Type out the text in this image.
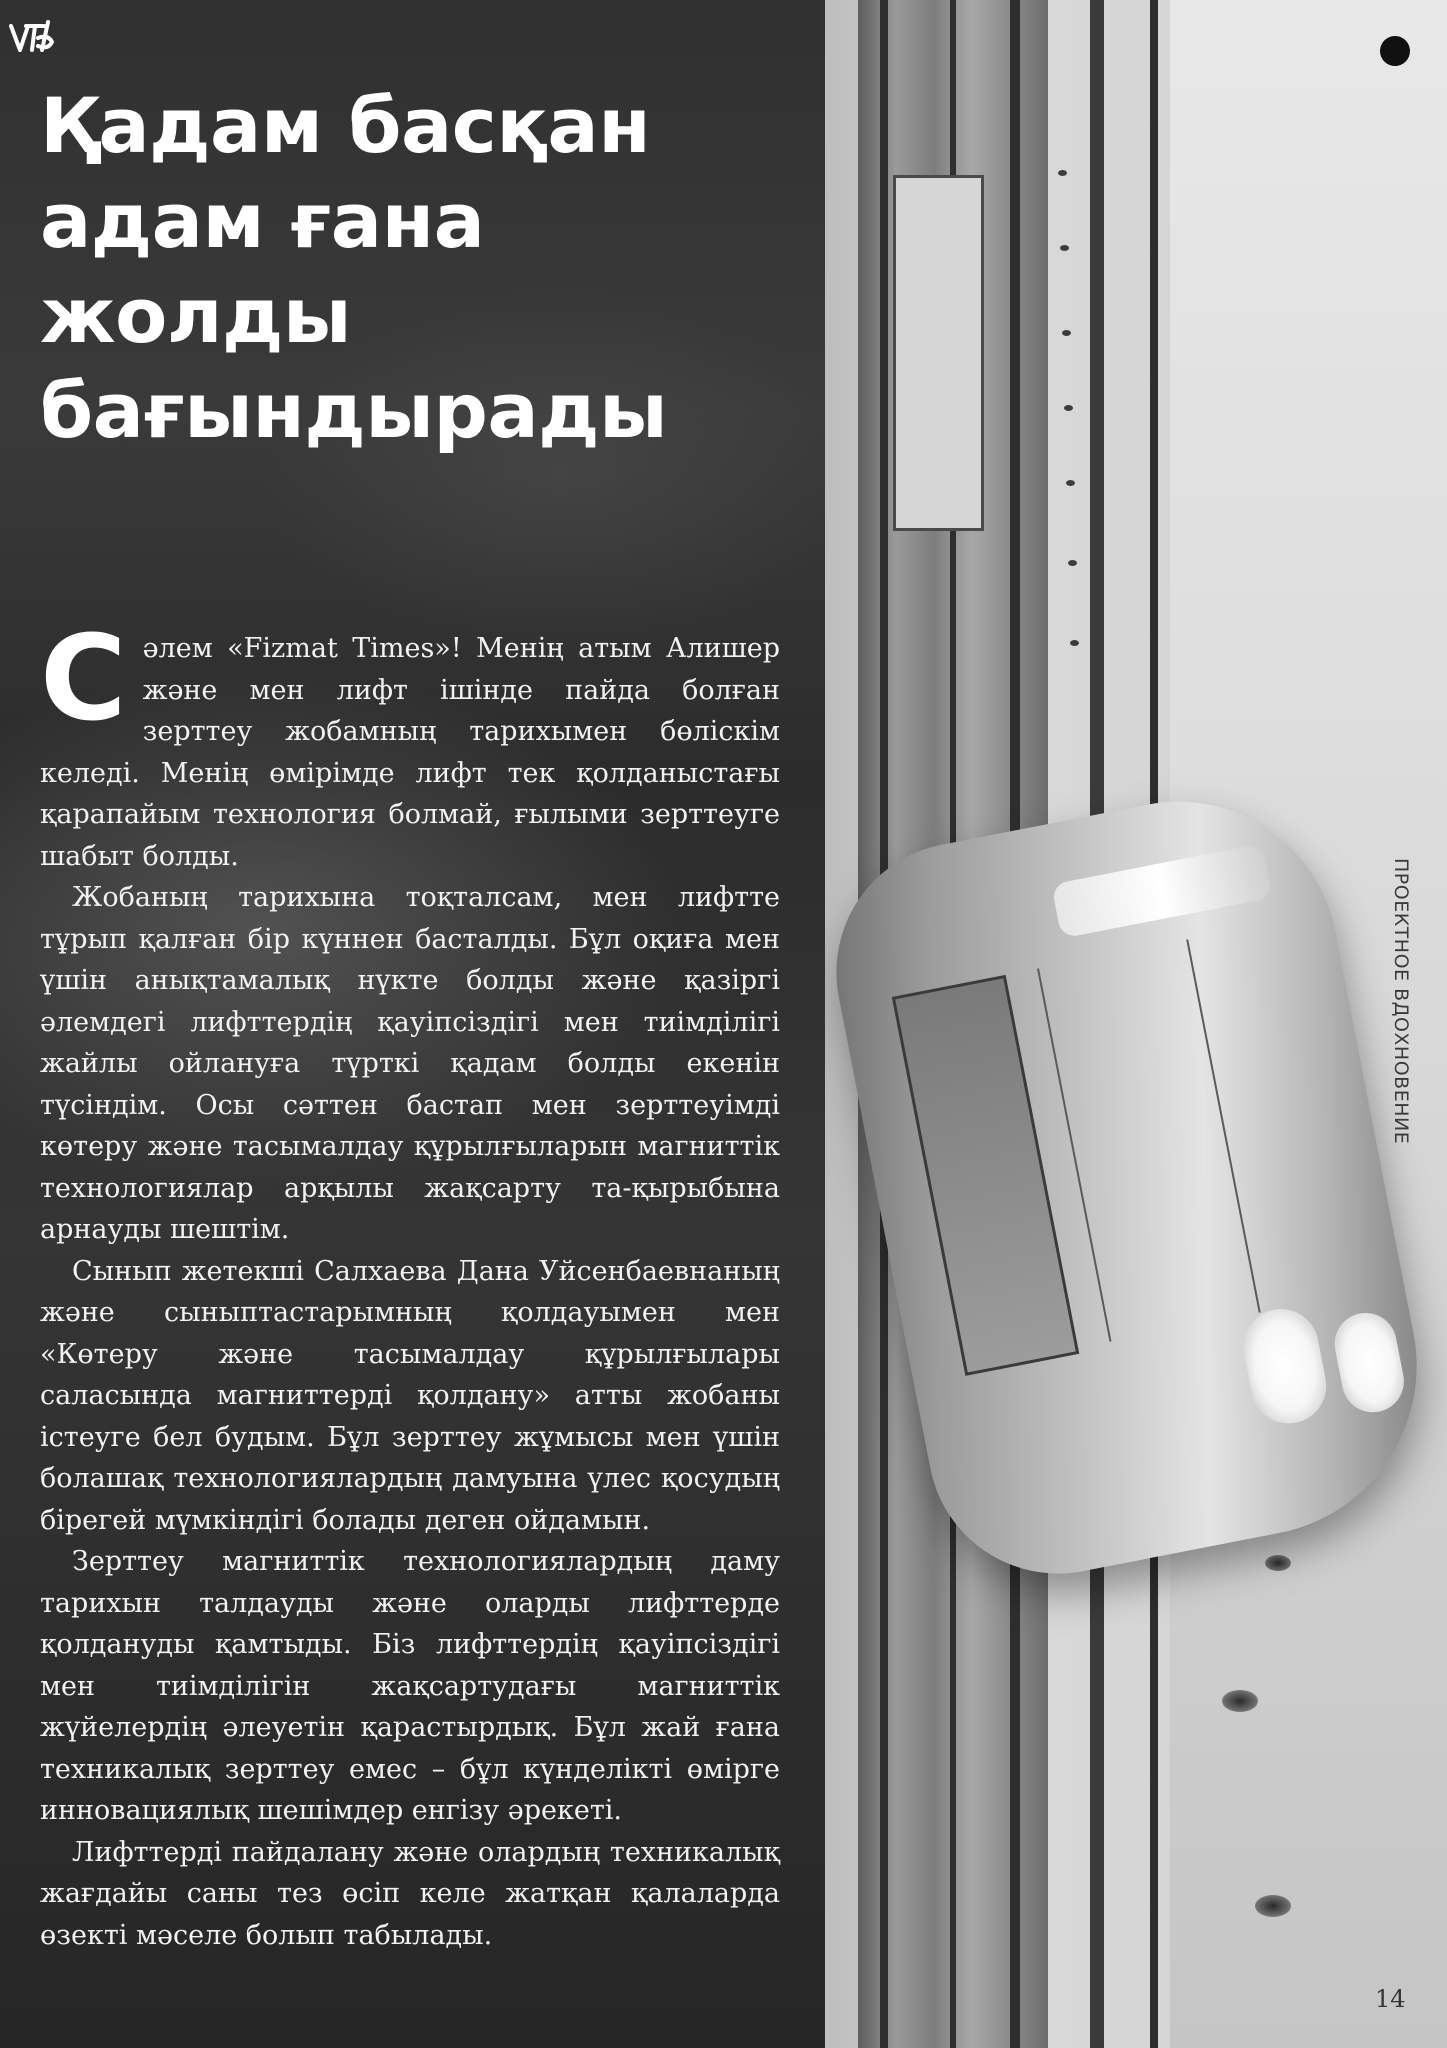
Қадам басқан
адам ғана
жолды
бағындырады

Сәлем «Fizmat Times»! Менің атым Алишер және мен лифт ішінде пайда болған зерттеу жобамның тарихымен бөліскім келеді. Менің өмірімде лифт тек қолданыстағы қарапайым технология болмай, ғылыми зерттеуге шабыт болды.

Жобаның тарихына тоқталсам, мен лифтте тұрып қалған бір күннен басталды. Бұл оқиға мен үшін анықтамалық нүкте болды және қазіргі әлемдегі лифттердің қауіпсіздігі мен тиімділігі жайлы ойлануға түрткі қадам болды екенін түсіндім. Осы сәттен бастап мен зерттеуімді көтеру және тасымалдау құрылғыларын магниттік технологиялар арқылы жақсарту та-қырыбына арнауды шештім.

Сынып жетекші Салхаева Дана Уйсенбаевнаның және сыныптастарымның қолдауымен мен «Көтеру және тасымалдау құрылғылары саласында магниттерді қолдану» атты жобаны істеуге бел будым. Бұл зерттеу жұмысы мен үшін болашақ технологиялардың дамуына үлес қосудың бірегей мүмкіндігі болады деген ойдамын.

Зерттеу магниттік технологиялардың даму тарихын талдауды және оларды лифттерде қолдануды қамтыды. Біз лифттердің қауіпсіздігі мен тиімділігін жақсартудағы магниттік жүйелердің әлеуетін қарастырдық. Бұл жай ғана техникалық зерттеу емес – бұл күнделікті өмірге инновациялық шешімдер енгізу әрекеті.

Лифттерді пайдалану және олардың техникалық жағдайы саны тез өсіп келе жатқан қалаларда өзекті мәселе болып табылады.

ПРОЕКТНОЕ ВДОХНОВЕНИЕ
14
